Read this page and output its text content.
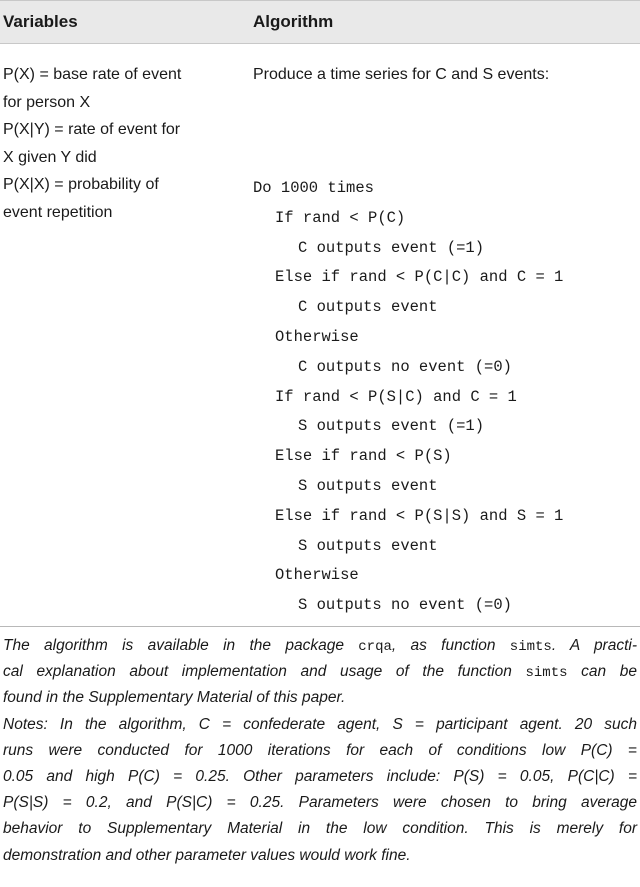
Variables	Algorithm
P(X) = base rate of event
for person X
P(X|Y) = rate of event for
X given Y did
P(X|X) = probability of
event repetition
Produce a time series for C and S events:
Do 1000 times
If rand < P(C)
C outputs event (=1)
Else if rand < P(C|C) and C = 1
C outputs event
Otherwise
C outputs no event (=0)
If rand < P(S|C) and C = 1
S outputs event (=1)
Else if rand < P(S)
S outputs event
Else if rand < P(S|S) and S = 1
S outputs event
Otherwise
S outputs no event (=0)
The algorithm is available in the package crqa, as function simts. A practi-
cal explanation about implementation and usage of the function simts can be
found in the Supplementary Material of this paper.
Notes: In the algorithm, C = confederate agent, S = participant agent. 20 such
runs were conducted for 1000 iterations for each of conditions low P(C) =
0.05 and high P(C) = 0.25. Other parameters include: P(S) = 0.05, P(C|C) =
P(S|S) = 0.2, and P(S|C) = 0.25. Parameters were chosen to bring average
behavior to Supplementary Material in the low condition. This is merely for
demonstration and other parameter values would work fine.
